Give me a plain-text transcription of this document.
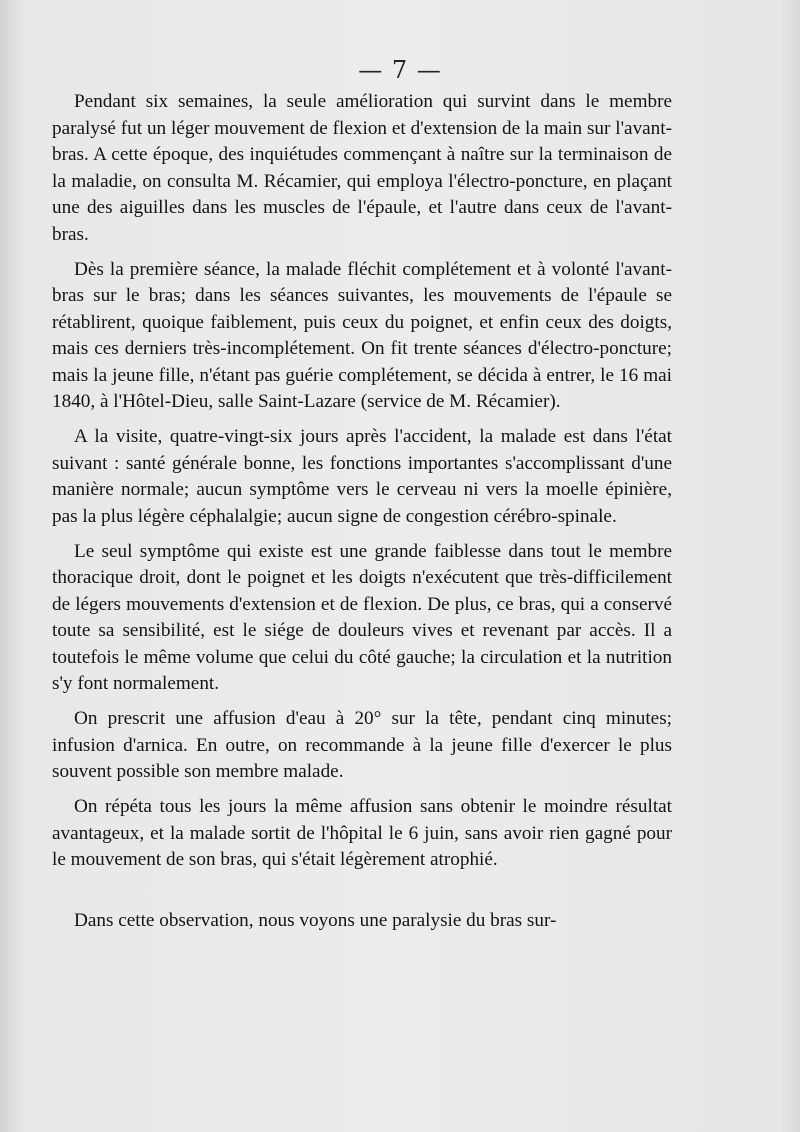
— 7 —

Pendant six semaines, la seule amélioration qui survint dans le membre paralysé fut un léger mouvement de flexion et d'extension de la main sur l'avant-bras. A cette époque, des inquiétudes commençant à naître sur la terminaison de la maladie, on consulta M. Récamier, qui employa l'électro-poncture, en plaçant une des aiguilles dans les muscles de l'épaule, et l'autre dans ceux de l'avant-bras.

Dès la première séance, la malade fléchit complétement et à volonté l'avant-bras sur le bras; dans les séances suivantes, les mouvements de l'épaule se rétablirent, quoique faiblement, puis ceux du poignet, et enfin ceux des doigts, mais ces derniers très-incomplétement. On fit trente séances d'électro-poncture; mais la jeune fille, n'étant pas guérie complétement, se décida à entrer, le 16 mai 1840, à l'Hôtel-Dieu, salle Saint-Lazare (service de M. Récamier).

A la visite, quatre-vingt-six jours après l'accident, la malade est dans l'état suivant : santé générale bonne, les fonctions importantes s'accomplissant d'une manière normale; aucun symptôme vers le cerveau ni vers la moelle épinière, pas la plus légère céphalalgie; aucun signe de congestion cérébro-spinale.

Le seul symptôme qui existe est une grande faiblesse dans tout le membre thoracique droit, dont le poignet et les doigts n'exécutent que très-difficilement de légers mouvements d'extension et de flexion. De plus, ce bras, qui a conservé toute sa sensibilité, est le siége de douleurs vives et revenant par accès. Il a toutefois le même volume que celui du côté gauche; la circulation et la nutrition s'y font normalement.

On prescrit une affusion d'eau à 20° sur la tête, pendant cinq minutes; infusion d'arnica. En outre, on recommande à la jeune fille d'exercer le plus souvent possible son membre malade.

On répéta tous les jours la même affusion sans obtenir le moindre résultat avantageux, et la malade sortit de l'hôpital le 6 juin, sans avoir rien gagné pour le mouvement de son bras, qui s'était légèrement atrophié.

Dans cette observation, nous voyons une paralysie du bras sur-
